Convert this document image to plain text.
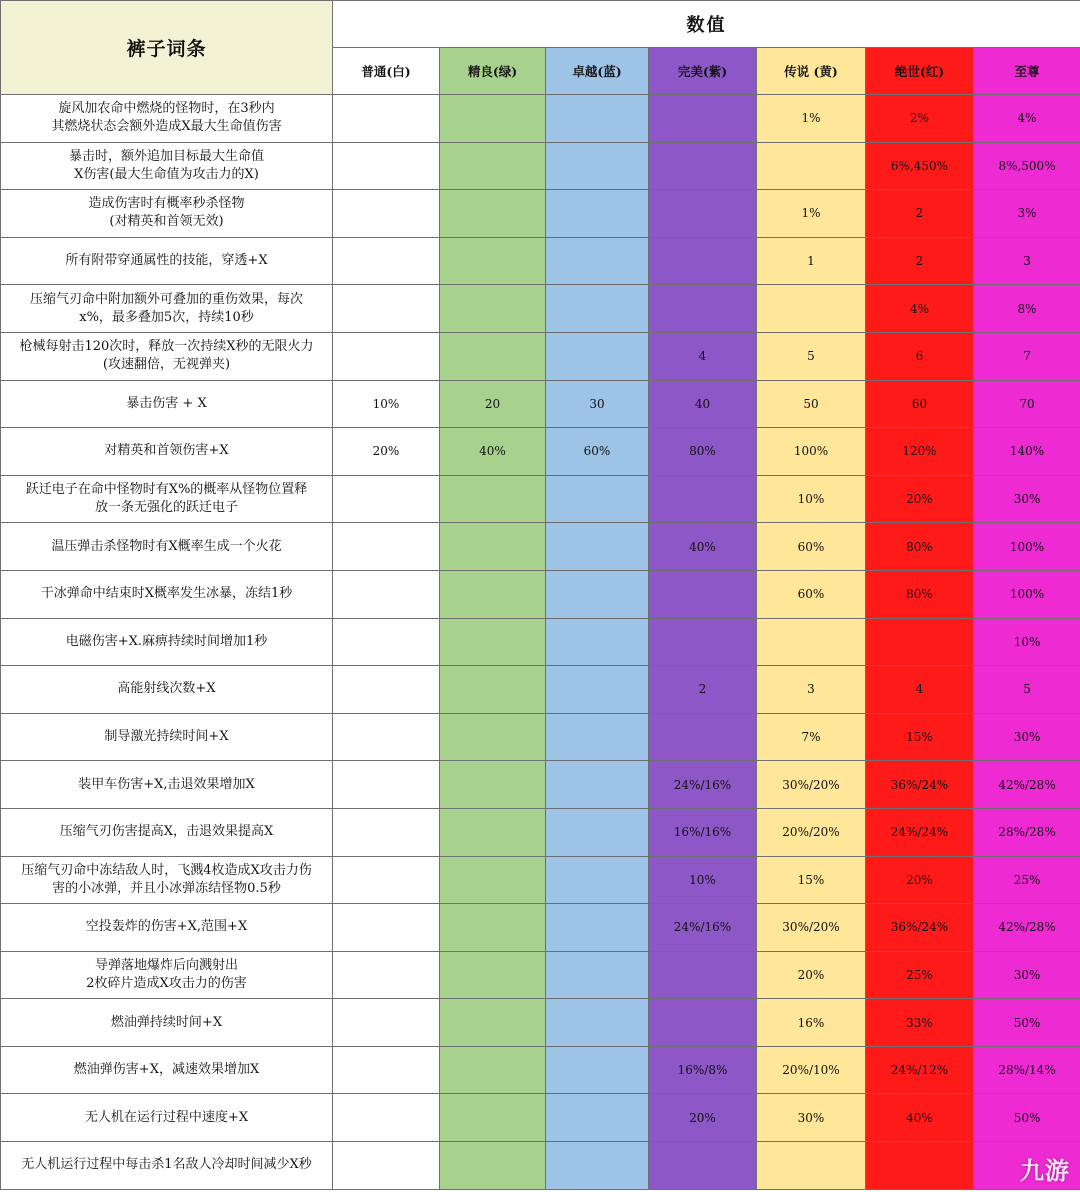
裤子词条	数值						
	普通(白)	精良(绿)	卓越(蓝)	完美(紫)	传说 (黄)	绝世(红)	至尊

旋风加农命中燃烧的怪物时，在3秒内
其燃烧状态会额外造成X最大生命值伤害					1%	2%	4%

暴击时，额外追加目标最大生命值
X伤害(最大生命值为攻击力的X)						6%,450%	8%,500%

造成伤害时有概率秒杀怪物
(对精英和首领无效)					1%	2	3%

所有附带穿通属性的技能，穿透+X					1	2	3

压缩气刃命中附加额外可叠加的重伤效果，每次
x%，最多叠加5次，持续10秒						4%	8%

枪械每射击120次时，释放一次持续X秒的无限火力
(攻速翻倍，无视弹夹)				4	5	6	7

暴击伤害 + X	10%	20	30	40	50	60	70

对精英和首领伤害+X	20%	40%	60%	80%	100%	120%	140%

跃迁电子在命中怪物时有X%的概率从怪物位置释
放一条无强化的跃迁电子					10%	20%	30%

温压弹击杀怪物时有X概率生成一个火花				40%	60%	80%	100%

干冰弹命中结束时X概率发生冰暴，冻结1秒					60%	80%	100%

电磁伤害+X.麻痹持续时间增加1秒							10%

高能射线次数+X				2	3	4	5

制导激光持续时间+X					7%	15%	30%

装甲车伤害+X,击退效果增加X				24%/16%	30%/20%	36%/24%	42%/28%

压缩气刃伤害提高X，击退效果提高X				16%/16%	20%/20%	24%/24%	28%/28%

压缩气刃命中冻结敌人时，飞溅4枚造成X攻击力伤
害的小冰弹，并且小冰弹冻结怪物0.5秒				10%	15%	20%	25%

空投轰炸的伤害+X,范围+X				24%/16%	30%/20%	36%/24%	42%/28%

导弹落地爆炸后向溅射出
2枚碎片造成X攻击力的伤害					20%	25%	30%

燃油弹持续时间+X					16%	33%	50%

燃油弹伤害+X，减速效果增加X				16%/8%	20%/10%	24%/12%	28%/14%

无人机在运行过程中速度+X				20%	30%	40%	50%

无人机运行过程中每击杀1名敌人冷却时间减少X秒							
								九游
